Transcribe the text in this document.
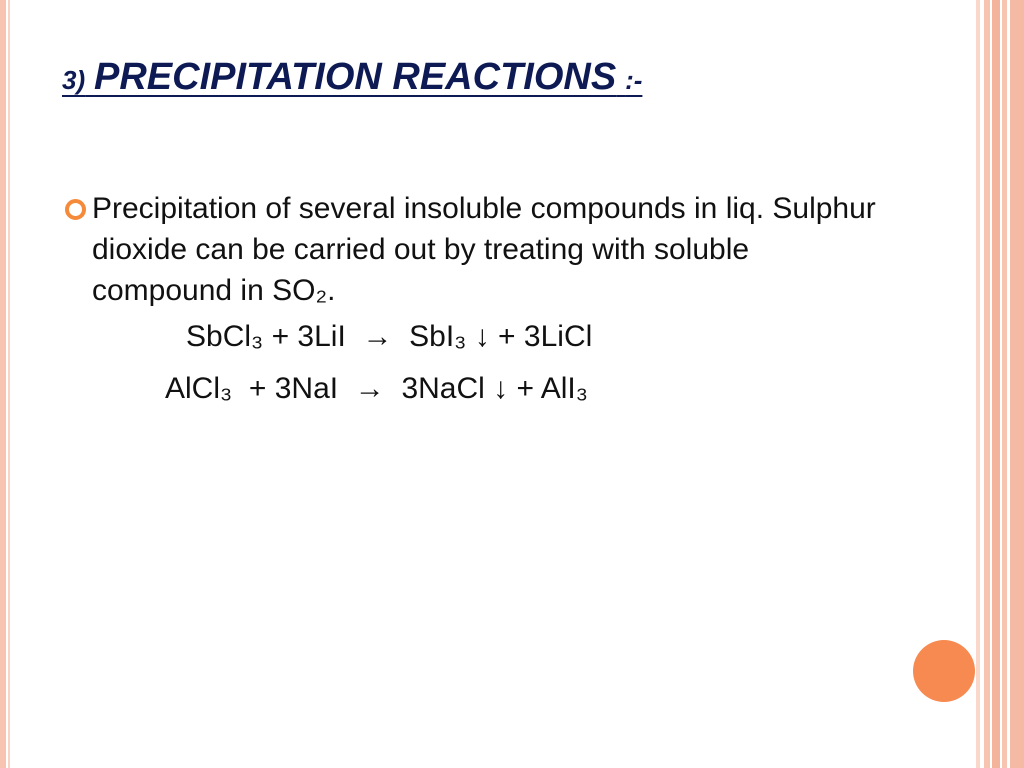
3) PRECIPITATION REACTIONS :-

Precipitation of several insoluble compounds in liq. Sulphur dioxide can be carried out by treating with soluble compound in SO₂.

SbCl₃ + 3LiI  →  SbI₃ ↓ + 3LiCl

AlCl₃  + 3NaI  →  3NaCl ↓ + AlI₃
